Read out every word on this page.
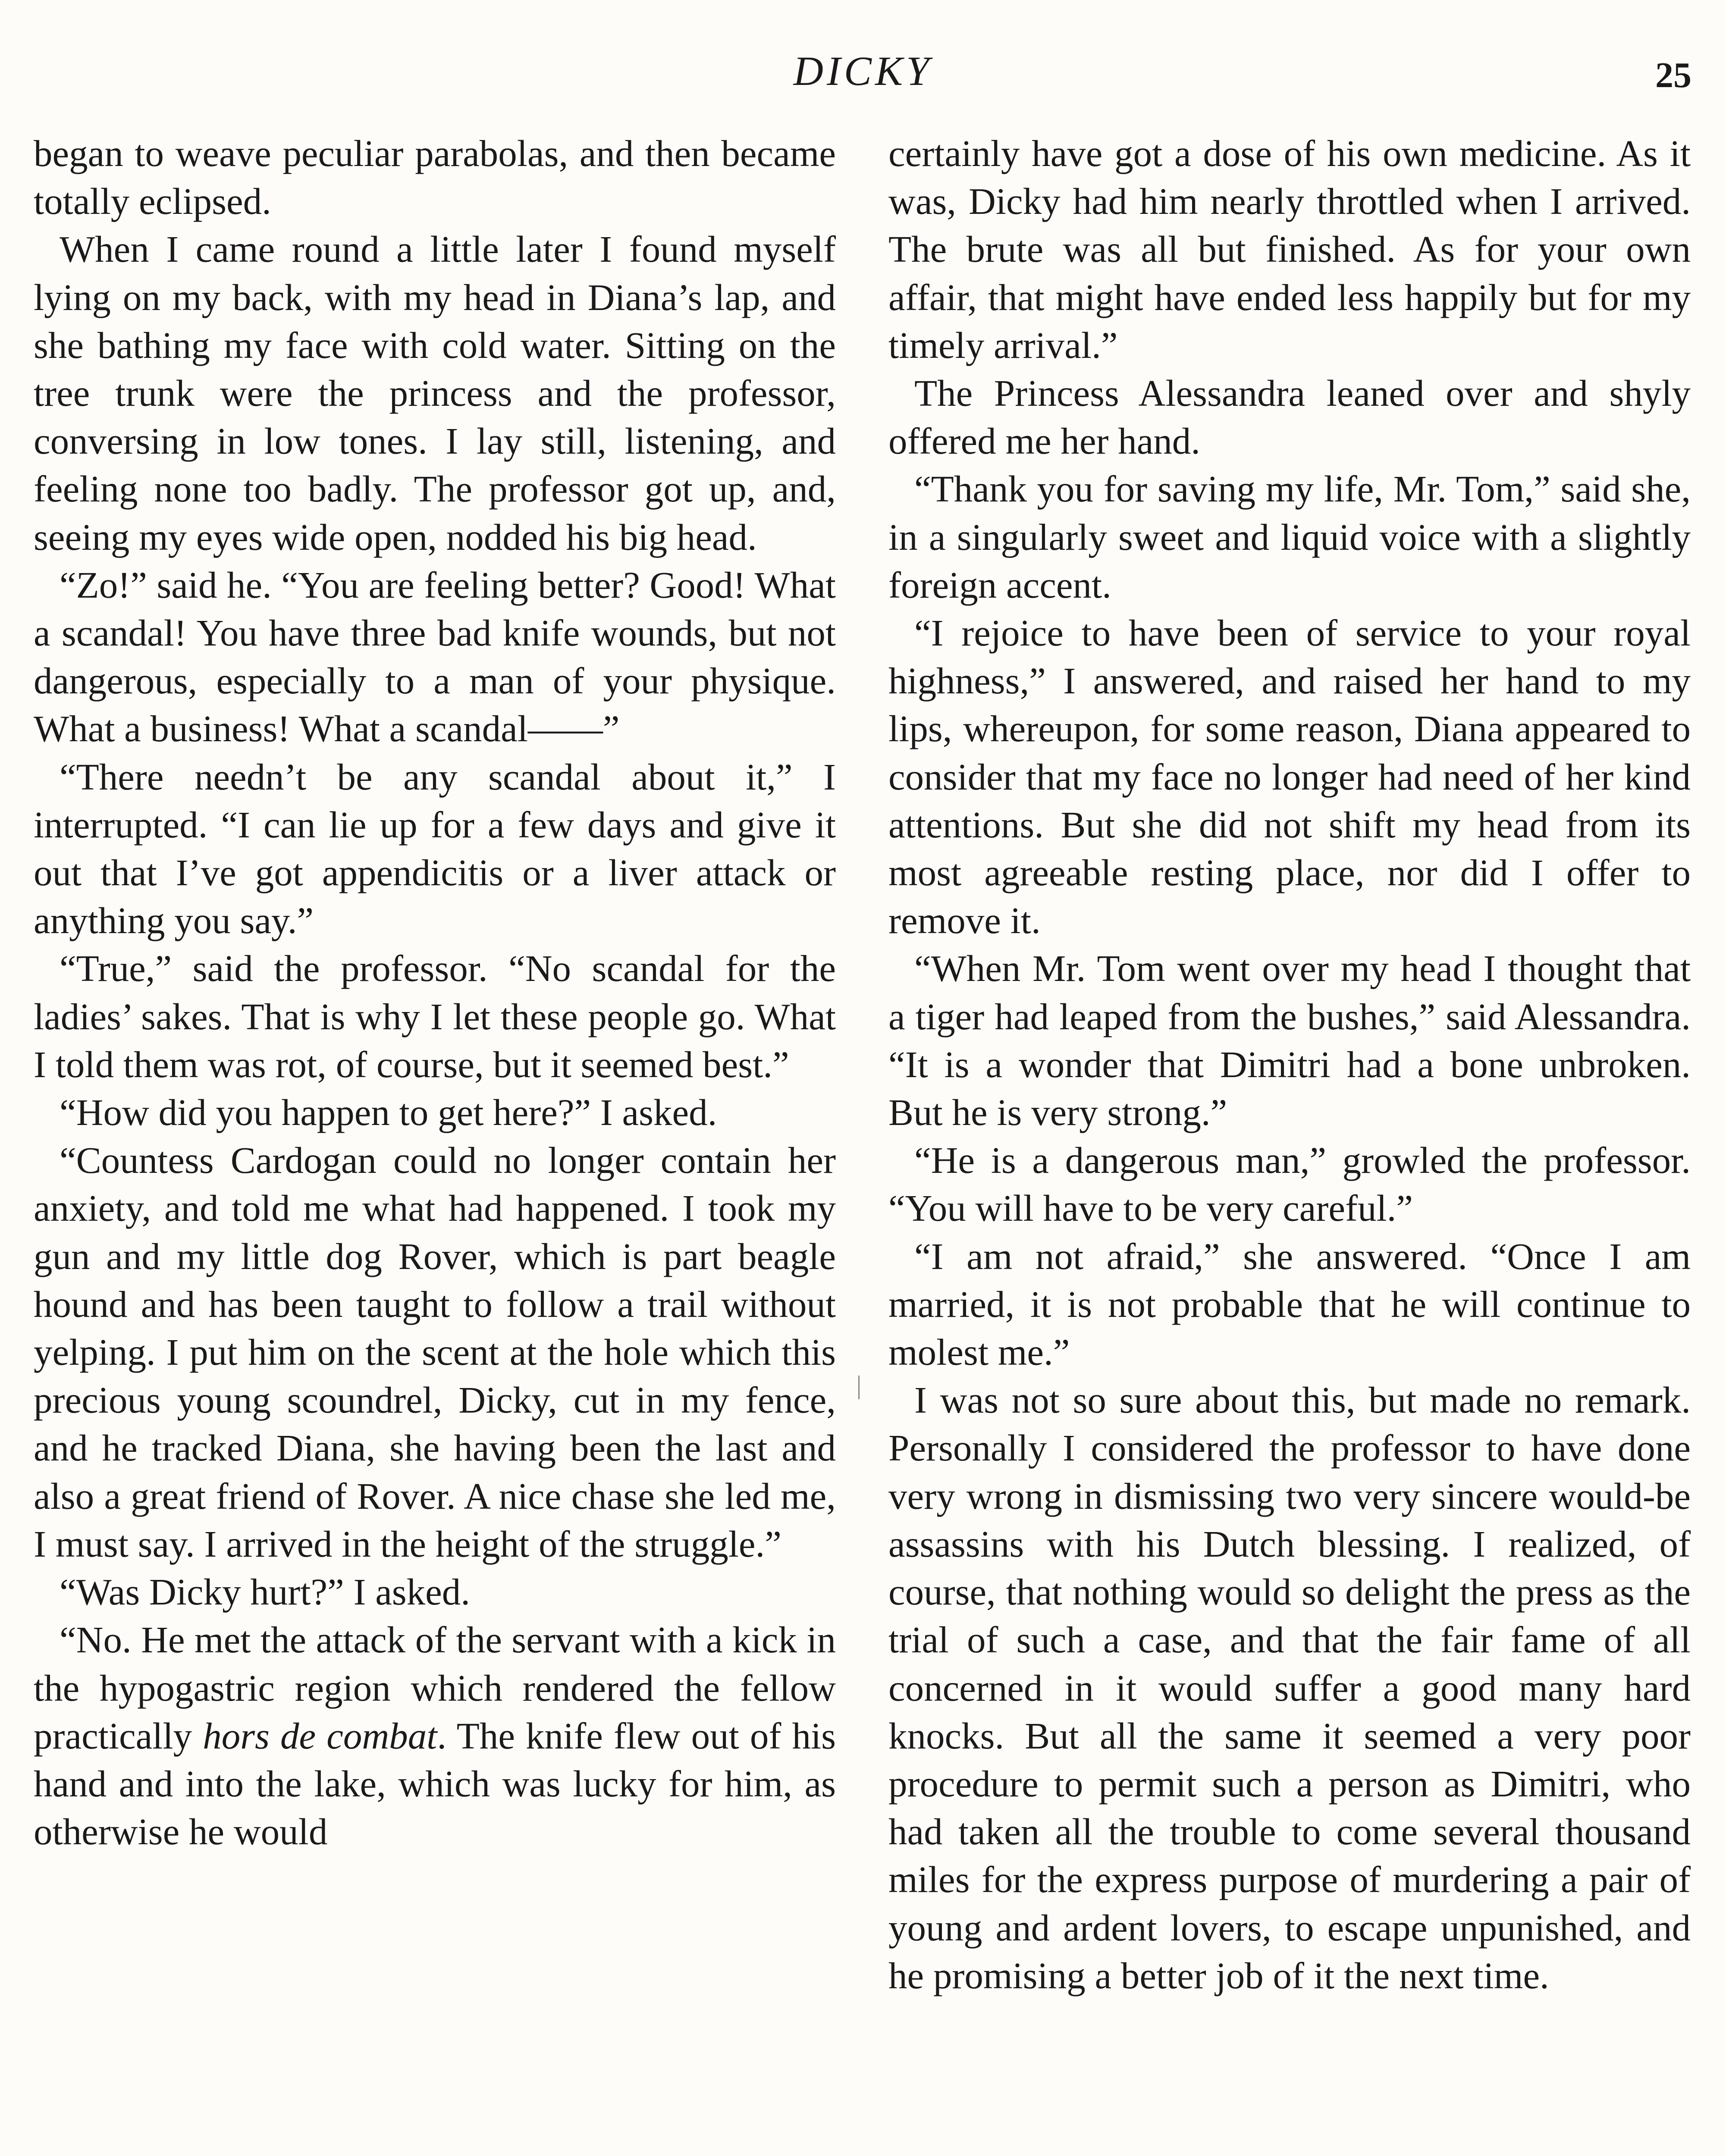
DICKY	25

began to weave peculiar parabolas, and then became totally eclipsed.

When I came round a little later I found myself lying on my back, with my head in Diana’s lap, and she bathing my face with cold water. Sitting on the tree trunk were the princess and the professor, conversing in low tones. I lay still, listening, and feeling none too badly. The professor got up, and, seeing my eyes wide open, nodded his big head.

“Zo!” said he. “You are feeling better? Good! What a scandal! You have three bad knife wounds, but not dangerous, especially to a man of your physique. What a business! What a scandal——”

“There needn’t be any scandal about it,” I interrupted. “I can lie up for a few days and give it out that I’ve got appendicitis or a liver attack or anything you say.”

“True,” said the professor. “No scandal for the ladies’ sakes. That is why I let these people go. What I told them was rot, of course, but it seemed best.”

“How did you happen to get here?” I asked.

“Countess Cardogan could no longer contain her anxiety, and told me what had happened. I took my gun and my little dog Rover, which is part beagle hound and has been taught to follow a trail without yelping. I put him on the scent at the hole which this precious young scoundrel, Dicky, cut in my fence, and he tracked Diana, she having been the last and also a great friend of Rover. A nice chase she led me, I must say. I arrived in the height of the struggle.”

“Was Dicky hurt?” I asked.

“No. He met the attack of the servant with a kick in the hypogastric region which rendered the fellow practically hors de combat. The knife flew out of his hand and into the lake, which was lucky for him, as otherwise he would

certainly have got a dose of his own medicine. As it was, Dicky had him nearly throttled when I arrived. The brute was all but finished. As for your own affair, that might have ended less happily but for my timely arrival.”

The Princess Alessandra leaned over and shyly offered me her hand.

“Thank you for saving my life, Mr. Tom,” said she, in a singularly sweet and liquid voice with a slightly foreign accent.

“I rejoice to have been of service to your royal highness,” I answered, and raised her hand to my lips, whereupon, for some reason, Diana appeared to consider that my face no longer had need of her kind attentions. But she did not shift my head from its most agreeable resting place, nor did I offer to remove it.

“When Mr. Tom went over my head I thought that a tiger had leaped from the bushes,” said Alessandra. “It is a wonder that Dimitri had a bone unbroken. But he is very strong.”

“He is a dangerous man,” growled the professor. “You will have to be very careful.”

“I am not afraid,” she answered. “Once I am married, it is not probable that he will continue to molest me.”

I was not so sure about this, but made no remark. Personally I considered the professor to have done very wrong in dismissing two very sincere would-be assassins with his Dutch blessing. I realized, of course, that nothing would so delight the press as the trial of such a case, and that the fair fame of all concerned in it would suffer a good many hard knocks. But all the same it seemed a very poor procedure to permit such a person as Dimitri, who had taken all the trouble to come several thousand miles for the express purpose of murdering a pair of young and ardent lovers, to escape unpunished, and he promising a better job of it the next time.
